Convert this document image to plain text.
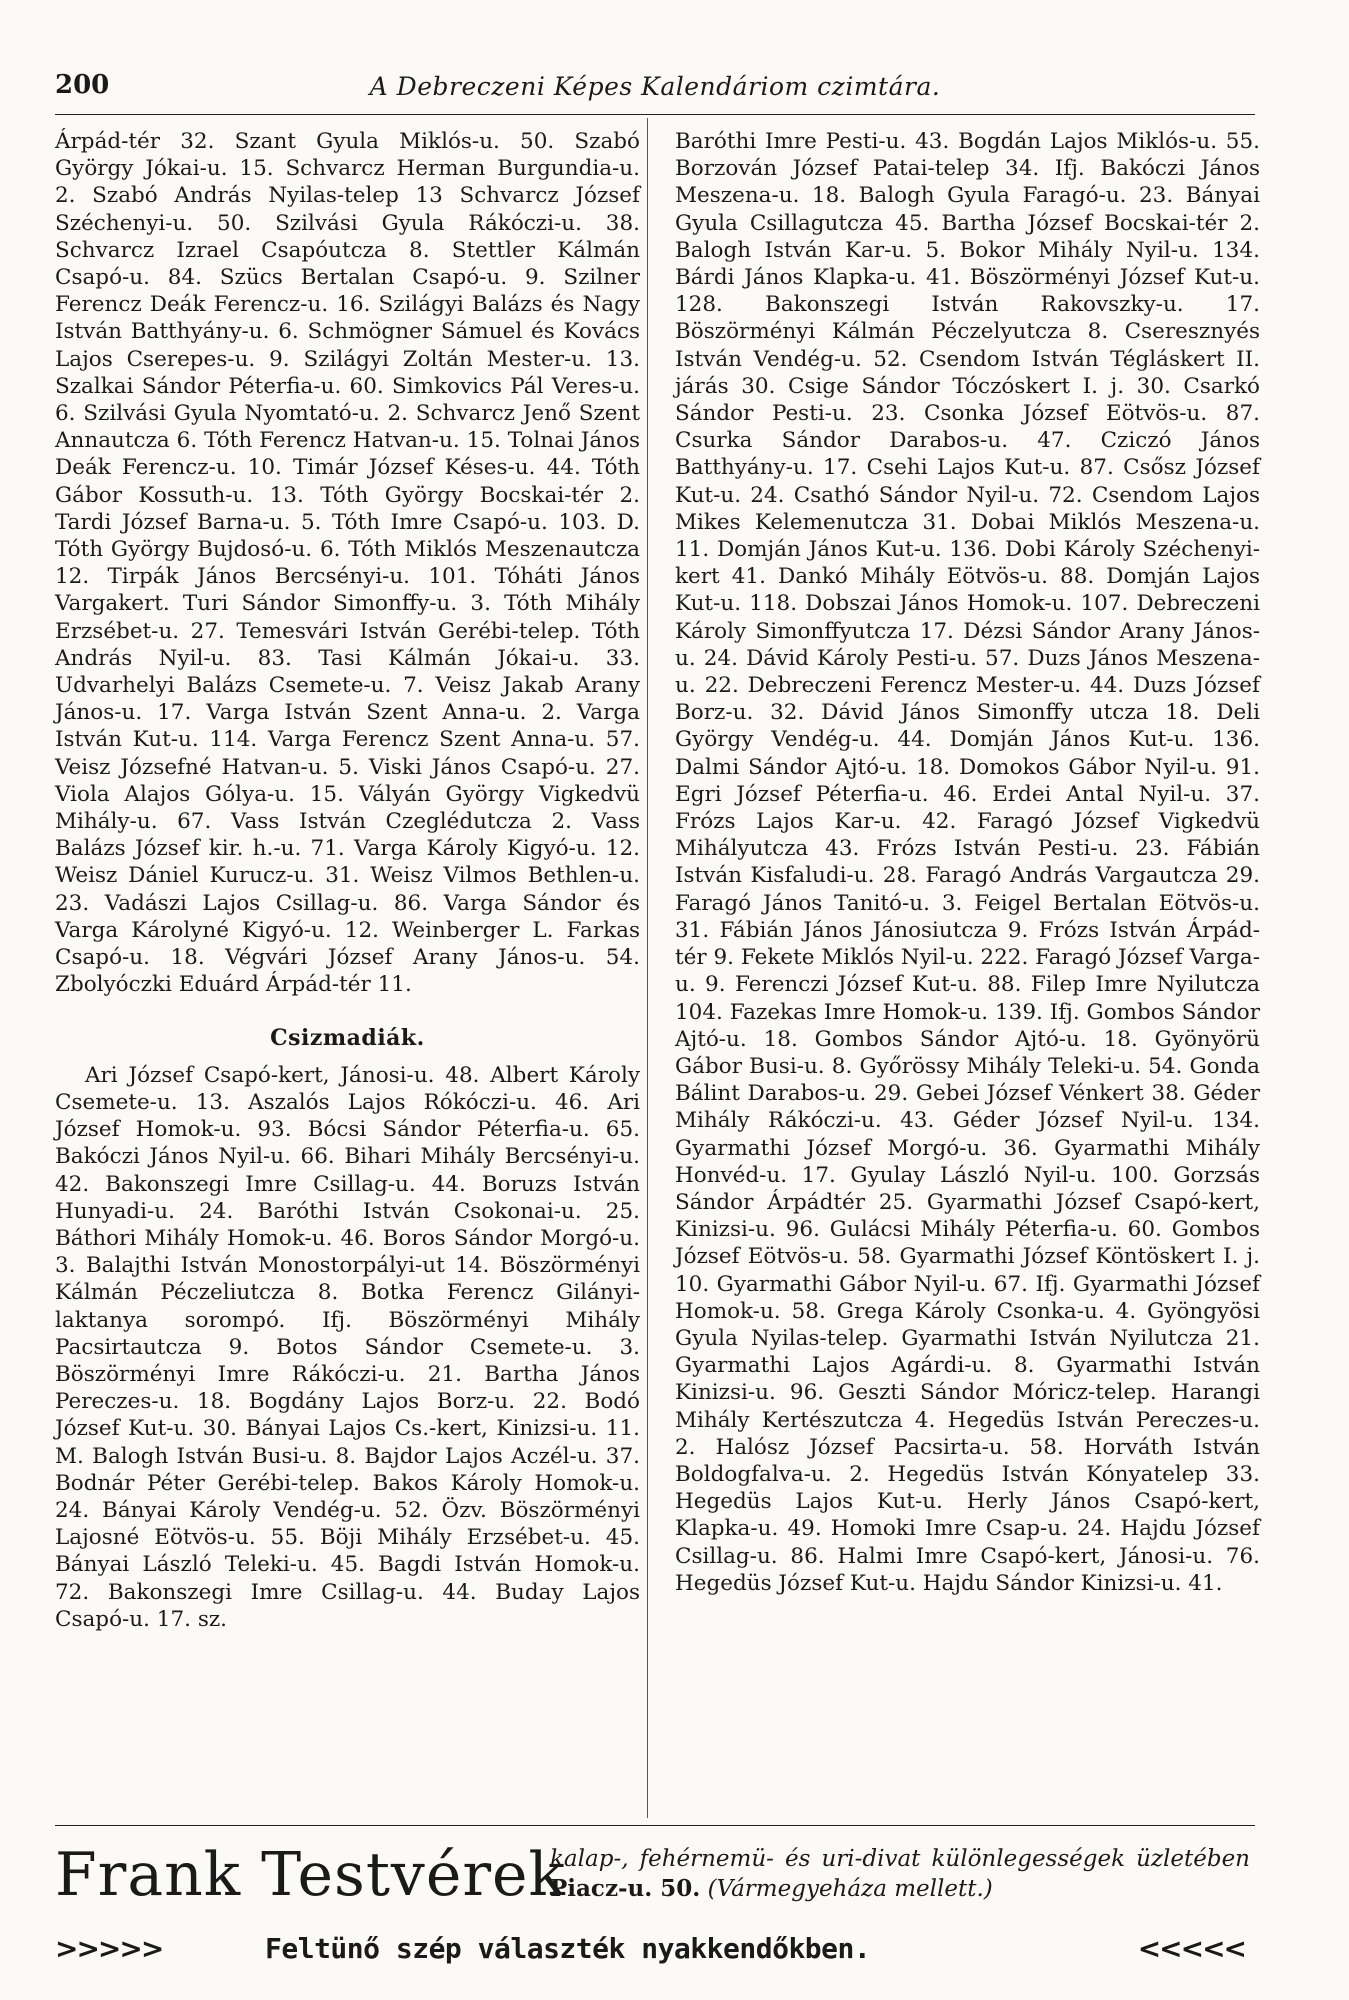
200	A Debreczeni Képes Kalendáriom czimtára.

Árpád-tér 32. Szant Gyula Miklós-u. 50. Szabó György Jókai-u. 15. Schvarcz Herman Burgundia-u. 2. Szabó András Nyilas-telep 13 Schvarcz József Széchenyi-u. 50. Szilvási Gyula Rákóczi-u. 38. Schvarcz Izrael Csapóutcza 8. Stettler Kálmán Csapó-u. 84. Szücs Bertalan Csapó-u. 9. Szilner Ferencz Deák Ferencz-u. 16. Szilágyi Balázs és Nagy István Batthyány-u. 6. Schmögner Sámuel és Kovács Lajos Cserepes-u. 9. Szilágyi Zoltán Mester-u. 13. Szalkai Sándor Péterfia-u. 60. Simkovics Pál Veres-u. 6. Szilvási Gyula Nyomtató-u. 2. Schvarcz Jenő Szent Annautcza 6. Tóth Ferencz Hatvan-u. 15. Tolnai János Deák Ferencz-u. 10. Timár József Késes-u. 44. Tóth Gábor Kossuth-u. 13. Tóth György Bocskai-tér 2. Tardi József Barna-u. 5. Tóth Imre Csapó-u. 103. D. Tóth György Bujdosó-u. 6. Tóth Miklós Meszenautcza 12. Tirpák János Bercsényi-u. 101. Tóháti János Vargakert. Turi Sándor Simonffy-u. 3. Tóth Mihály Erzsébet-u. 27. Temesvári István Gerébi-telep. Tóth András Nyil-u. 83. Tasi Kálmán Jókai-u. 33. Udvarhelyi Balázs Csemete-u. 7. Veisz Jakab Arany János-u. 17. Varga István Szent Anna-u. 2. Varga István Kut-u. 114. Varga Ferencz Szent Anna-u. 57. Veisz Józsefné Hatvan-u. 5. Viski János Csapó-u. 27. Viola Alajos Gólya-u. 15. Vályán György Vigkedvü Mihály-u. 67. Vass István Czeglédutcza 2. Vass Balázs József kir. h.-u. 71. Varga Károly Kigyó-u. 12. Weisz Dániel Kurucz-u. 31. Weisz Vilmos Bethlen-u. 23. Vadászi Lajos Csillag-u. 86. Varga Sándor és Varga Károlyné Kigyó-u. 12. Weinberger L. Farkas Csapó-u. 18. Végvári József Arany János-u. 54. Zbolyóczki Eduárd Árpád-tér 11.

Csizmadiák.

Ari József Csapó-kert, Jánosi-u. 48. Albert Károly Csemete-u. 13. Aszalós Lajos Rókóczi-u. 46. Ari József Homok-u. 93. Bócsi Sándor Péterfia-u. 65. Bakóczi János Nyil-u. 66. Bihari Mihály Bercsényi-u. 42. Bakonszegi Imre Csillag-u. 44. Boruzs István Hunyadi-u. 24. Baróthi István Csokonai-u. 25. Báthori Mihály Homok-u. 46. Boros Sándor Morgó-u. 3. Balajthi István Monostorpályi-ut 14. Böszörményi Kálmán Péczeliutcza 8. Botka Ferencz Gilányi-laktanya sorompó. Ifj. Böszörményi Mihály Pacsirtautcza 9. Botos Sándor Csemete-u. 3. Böszörményi Imre Rákóczi-u. 21. Bartha János Pereczes-u. 18. Bogdány Lajos Borz-u. 22. Bodó József Kut-u. 30. Bányai Lajos Cs.-kert, Kinizsi-u. 11. M. Balogh István Busi-u. 8. Bajdor Lajos Aczél-u. 37. Bodnár Péter Gerébi-telep. Bakos Károly Homok-u. 24. Bányai Károly Vendég-u. 52. Özv. Böszörményi Lajosné Eötvös-u. 55. Böji Mihály Erzsébet-u. 45. Bányai László Teleki-u. 45. Bagdi István Homok-u. 72. Bakonszegi Imre Csillag-u. 44. Buday Lajos Csapó-u. 17. sz.

Baróthi Imre Pesti-u. 43. Bogdán Lajos Miklós-u. 55. Borzován József Patai-telep 34. Ifj. Bakóczi János Meszena-u. 18. Balogh Gyula Faragó-u. 23. Bányai Gyula Csillagutcza 45. Bartha József Bocskai-tér 2. Balogh István Kar-u. 5. Bokor Mihály Nyil-u. 134. Bárdi János Klapka-u. 41. Böszörményi József Kut-u. 128. Bakonszegi István Rakovszky-u. 17. Böszörményi Kálmán Péczelyutcza 8. Cseresznyés István Vendég-u. 52. Csendom István Tégláskert II. járás 30. Csige Sándor Tóczóskert I. j. 30. Csarkó Sándor Pesti-u. 23. Csonka József Eötvös-u. 87. Csurka Sándor Darabos-u. 47. Cziczó János Batthyány-u. 17. Csehi Lajos Kut-u. 87. Csősz József Kut-u. 24. Csathó Sándor Nyil-u. 72. Csendom Lajos Mikes Kelemenutcza 31. Dobai Miklós Meszena-u. 11. Domján János Kut-u. 136. Dobi Károly Széchenyi-kert 41. Dankó Mihály Eötvös-u. 88. Domján Lajos Kut-u. 118. Dobszai János Homok-u. 107. Debreczeni Károly Simonffyutcza 17. Dézsi Sándor Arany János-u. 24. Dávid Károly Pesti-u. 57. Duzs János Meszena-u. 22. Debreczeni Ferencz Mester-u. 44. Duzs József Borz-u. 32. Dávid János Simonffy utcza 18. Deli György Vendég-u. 44. Domján János Kut-u. 136. Dalmi Sándor Ajtó-u. 18. Domokos Gábor Nyil-u. 91. Egri József Péterfia-u. 46. Erdei Antal Nyil-u. 37. Frózs Lajos Kar-u. 42. Faragó József Vigkedvü Mihályutcza 43. Frózs István Pesti-u. 23. Fábián István Kisfaludi-u. 28. Faragó András Vargautcza 29. Faragó János Tanitó-u. 3. Feigel Bertalan Eötvös-u. 31. Fábián János Jánosiutcza 9. Frózs István Árpád-tér 9. Fekete Miklós Nyil-u. 222. Faragó József Varga-u. 9. Ferenczi József Kut-u. 88. Filep Imre Nyilutcza 104. Fazekas Imre Homok-u. 139. Ifj. Gombos Sándor Ajtó-u. 18. Gombos Sándor Ajtó-u. 18. Gyönyörü Gábor Busi-u. 8. Győrössy Mihály Teleki-u. 54. Gonda Bálint Darabos-u. 29. Gebei József Vénkert 38. Géder Mihály Rákóczi-u. 43. Géder József Nyil-u. 134. Gyarmathi József Morgó-u. 36. Gyarmathi Mihály Honvéd-u. 17. Gyulay László Nyil-u. 100. Gorzsás Sándor Árpádtér 25. Gyarmathi József Csapó-kert, Kinizsi-u. 96. Gulácsi Mihály Péterfia-u. 60. Gombos József Eötvös-u. 58. Gyarmathi József Köntöskert I. j. 10. Gyarmathi Gábor Nyil-u. 67. Ifj. Gyarmathi József Homok-u. 58. Grega Károly Csonka-u. 4. Gyöngyösi Gyula Nyilas-telep. Gyarmathi István Nyilutcza 21. Gyarmathi Lajos Agárdi-u. 8. Gyarmathi István Kinizsi-u. 96. Geszti Sándor Móricz-telep. Harangi Mihály Kertészutcza 4. Hegedüs István Pereczes-u. 2. Halósz József Pacsirta-u. 58. Horváth István Boldogfalva-u. 2. Hegedüs István Kónyatelep 33. Hegedüs Lajos Kut-u. Herly János Csapó-kert, Klapka-u. 49. Homoki Imre Csap-u. 24. Hajdu József Csillag-u. 86. Halmi Imre Csapó-kert, Jánosi-u. 76. Hegedüs József Kut-u. Hajdu Sándor Kinizsi-u. 41.

Frank Testvérek
kalap-, fehérnemü- és uri-divat különlegességek üzletében Piacz-u. 50. (Vármegyeháza mellett.)
>>>>>	Feltünő szép választék nyakkendőkben.	<<<<<
